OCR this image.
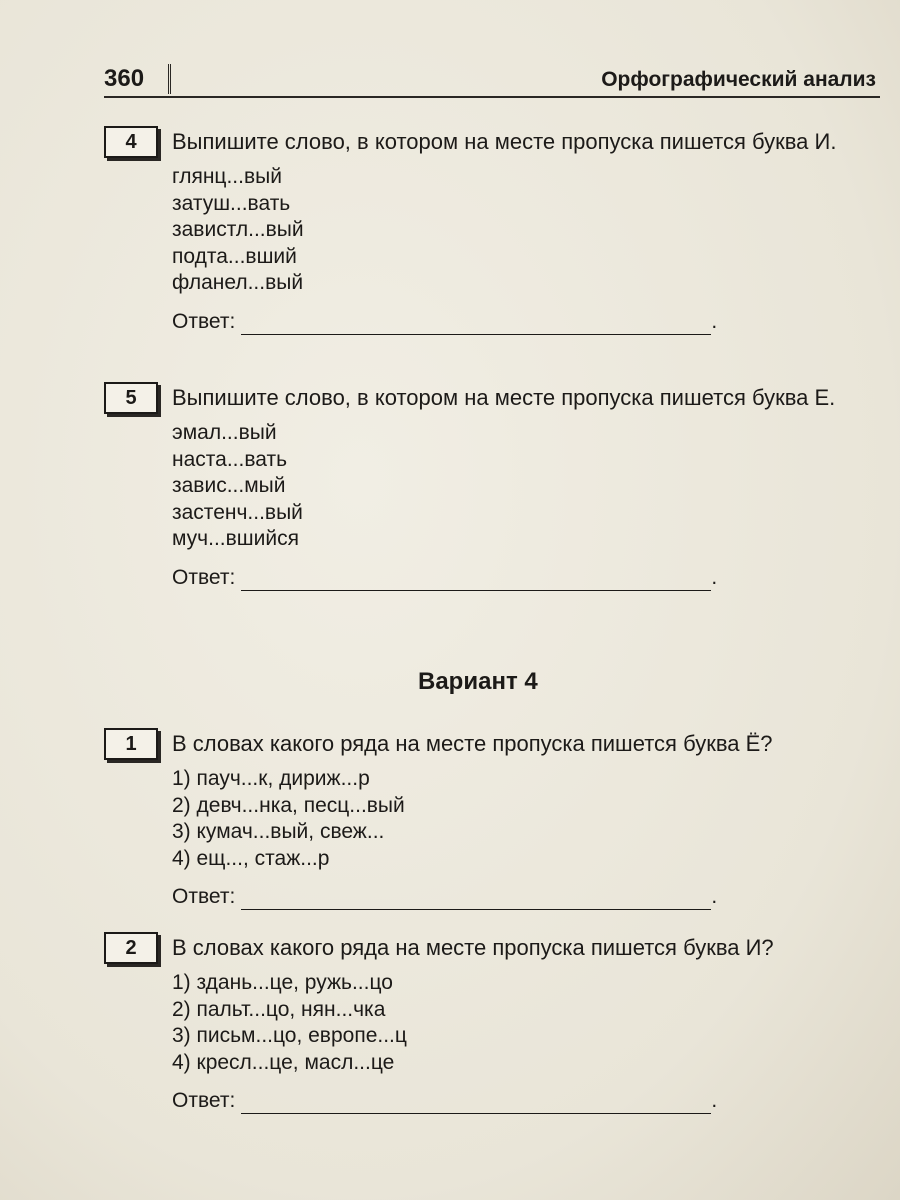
360	Орфографический анализ
4	Выпишите слово, в котором на месте пропуска пишется буква И.

глянц...вый
затуш...вать
завистл...вый
подта...вший
фланел...вый
Ответ:	.
5	Выпишите слово, в котором на месте пропуска пишется буква Е.

эмал...вый
наста...вать
завис...мый
застенч...вый
муч...вшийся
Ответ:	.
Вариант 4
1	В словах какого ряда на месте пропуска пишется буква Ё?

1) пауч...к, дириж...р
2) девч...нка, песц...вый
3) кумач...вый, свеж...
4) ещ..., стаж...р
Ответ:	.
2	В словах какого ряда на месте пропуска пишется буква И?

1) здань...це, ружь...цо
2) пальт...цо, нян...чка
3) письм...цо, европе...ц
4) кресл...це, масл...це
Ответ:	.
